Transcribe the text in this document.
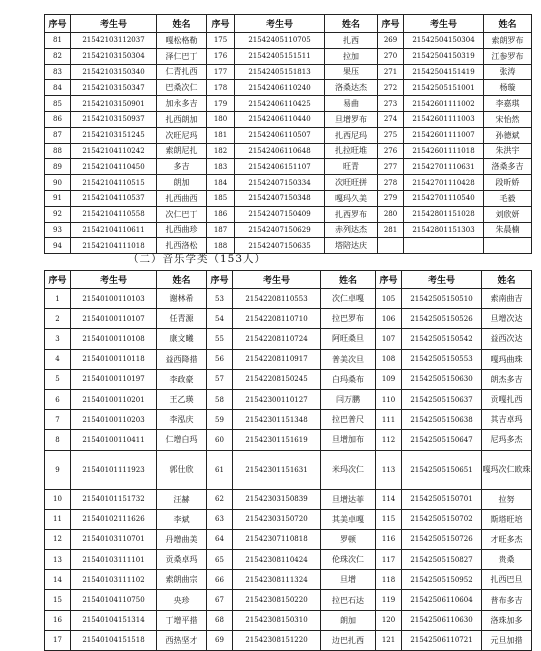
序号	考生号	姓名	序号	考生号	姓名	序号	考生号	姓名
81	21542103112037	嘎松格勒	175	21542405110705	扎西	269	21542504150304	索朗罗布
82	21542103150304	泽仁巴丁	176	21542405151511	拉加	270	21542504150319	江参罗布
83	21542103150340	仁青扎西	177	21542405151813	果压	271	21542504151419	张涛
84	21542103150347	巴桑次仁	178	21542406110240	洛桑达杰	272	21542505151001	杨璇
85	21542103150901	加永多吉	179	21542406110425	易曲	273	21542601111002	李嘉琪
86	21542103150937	扎西朗加	180	21542406110440	旦增罗布	274	21542601111003	宋怡然
87	21542103151245	次旺尼玛	181	21542406110507	扎西尼玛	275	21542601111007	孙德斌
88	21542104110242	索朗尼扎	182	21542406110648	扎拉旺堆	276	21542601111018	朱洪宇
89	21542104110450	多吉	183	21542406151107	旺青	277	21542701110631	洛桑多吉
90	21542104110515	朗加	184	21542407150334	次旺旺拼	278	21542701110428	段昕娇
91	21542104110537	扎西曲西	185	21542407150348	嘎玛久美	279	21542701110540	毛毅
92	21542104110558	次仁巴丁	186	21542407150409	扎西罗布	280	21542801151028	刘欣妍
93	21542104110611	扎西曲珍	187	21542407150629	赤列达杰	281	21542801151303	朱晨楠
94	21542104111018	扎西洛松	188	21542407150635	塔陪达庆			
（二）音乐学类（153人）
序号	考生号	姓名	序号	考生号	姓名	序号	考生号	姓名
1	21540100110103	谢林希	53	21542208110553	次仁卓嘎	105	21542505150510	索南曲吉
2	21540100110107	任青源	54	21542208110710	拉巴罗布	106	21542505150526	旦增次达
3	21540100110108	康文曦	55	21542208110724	阿旺桑旦	107	21542505150542	益西次达
4	21540100110118	益西降措	56	21542208110917	普美次旦	108	21542505150553	嘎玛曲珠
5	21540100110197	李政豪	57	21542208150245	白玛桑布	109	21542505150630	朗杰多吉
6	21540100110201	王乙瑛	58	21542300110127	闫万鹏	110	21542505150637	贡嘎扎西
7	21540100110203	李泓庆	59	21542301151348	拉巴普尺	111	21542505150638	其吉卓玛
8	21540100110411	仁增白玛	60	21542301151619	旦增加布	112	21542505150647	尼玛多杰
9	21540101111923	郭仕欣	61	21542301151631	米玛次仁	113	21542505150651	嘎玛次仁欧珠
10	21540101151732	汪赫	62	21542303150839	旦增达菲	114	21542505150701	拉努
11	21540102111626	李斌	63	21542303150720	其美卓嘎	115	21542505150702	斯塔旺培
12	21540103110701	丹增曲美	64	21542307110818	罗顿	116	21542505150726	才旺多杰
13	21540103111101	贡桑卓玛	65	21542308110424	伦珠次仁	117	21542505150827	贵桑
14	21540103111102	索朗曲宗	66	21542308111324	旦增	118	21542505150952	扎西巴旦
15	21540104110750	央珍	67	21542308150220	拉巴石达	119	21542506110604	普布多吉
16	21540104151314	丁增平措	68	21542308150310	朗加	120	21542506110630	洛珠加多
17	21540104151518	西热坚才	69	21542308151220	边巴扎西	121	21542506110721	元旦加措
